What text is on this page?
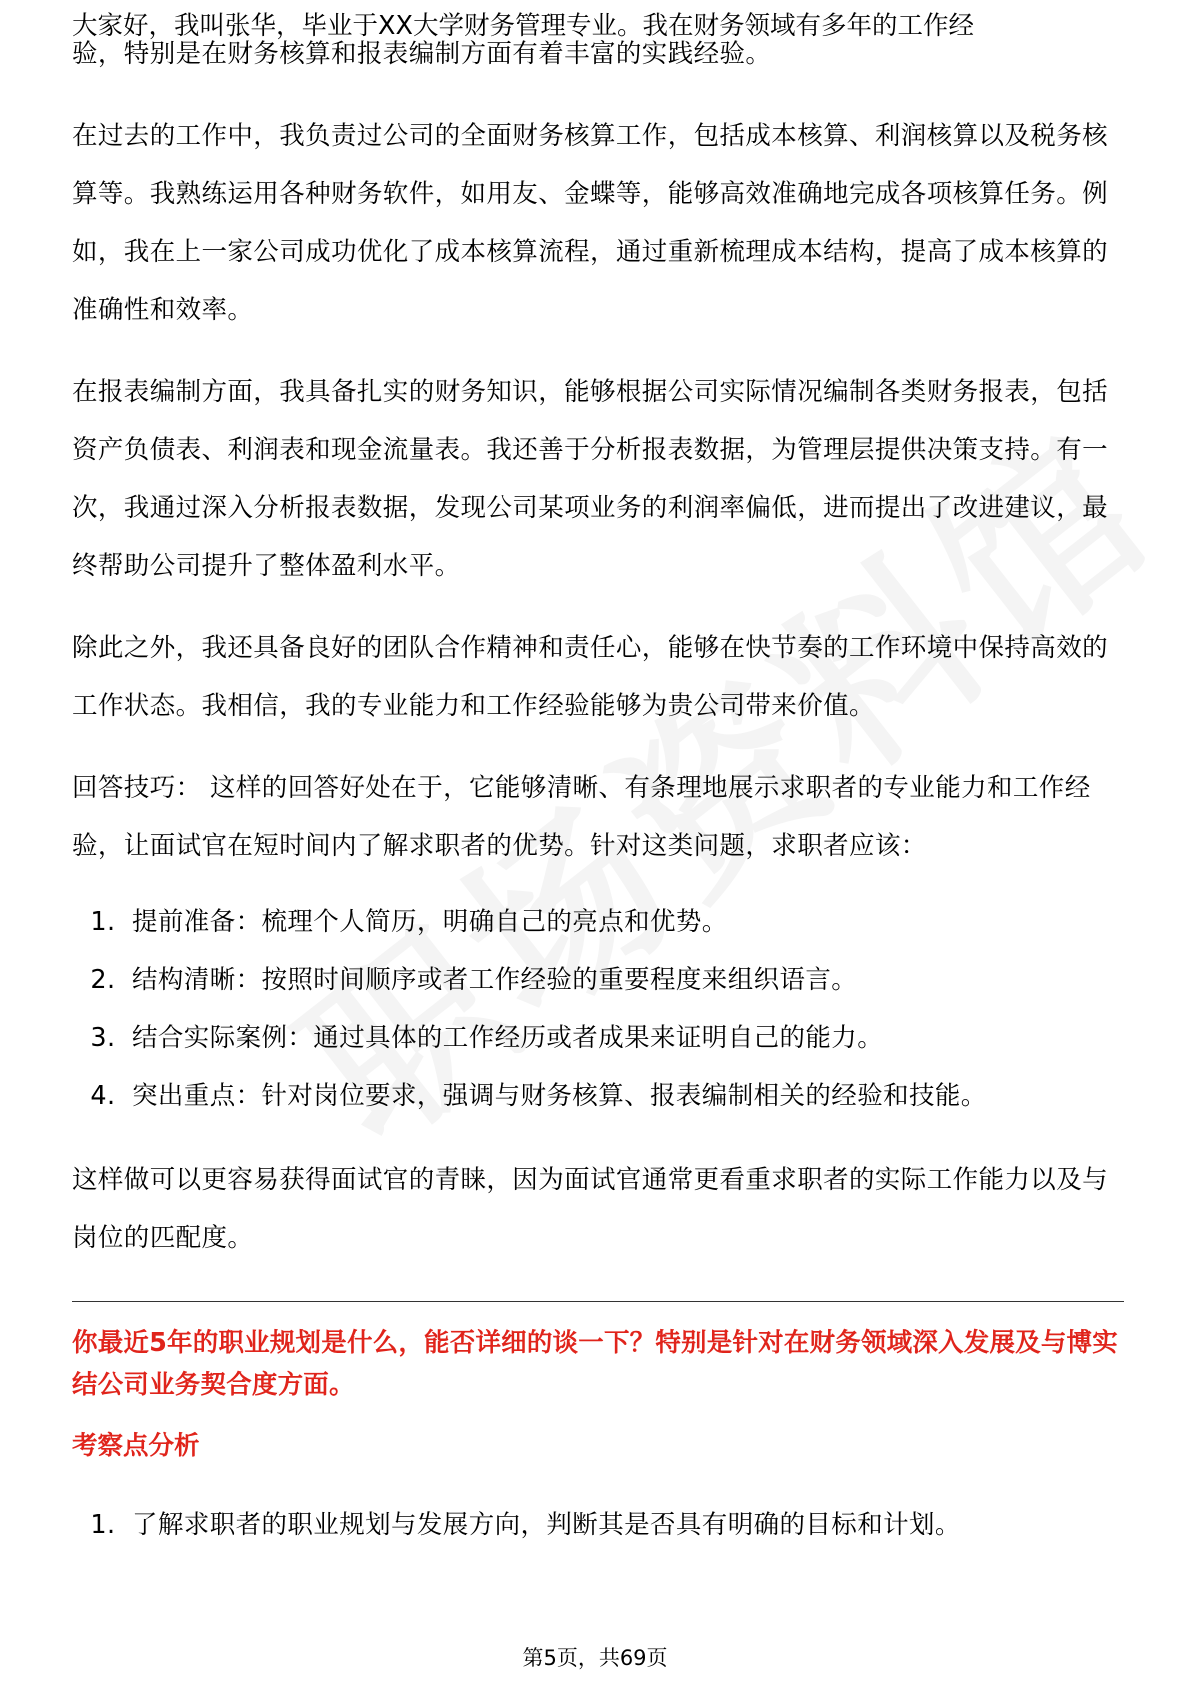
大家好，我叫张华，毕业于XX大学财务管理专业。我在财务领域有多年的工作经

验，特别是在财务核算和报表编制方面有着丰富的实践经验。

在过去的工作中，我负责过公司的全面财务核算工作，包括成本核算、利润核算以及税务核算等。我熟练运用各种财务软件，如用友、金蝶等，能够高效准确地完成各项核算任务。例如，我在上一家公司成功优化了成本核算流程，通过重新梳理成本结构，提高了成本核算的准确性和效率。

在报表编制方面，我具备扎实的财务知识，能够根据公司实际情况编制各类财务报表，包括资产负债表、利润表和现金流量表。我还善于分析报表数据，为管理层提供决策支持。有一次，我通过深入分析报表数据，发现公司某项业务的利润率偏低，进而提出了改进建议，最终帮助公司提升了整体盈利水平。

除此之外，我还具备良好的团队合作精神和责任心，能够在快节奏的工作环境中保持高效的工作状态。我相信，我的专业能力和工作经验能够为贵公司带来价值。

回答技巧： 这样的回答好处在于，它能够清晰、有条理地展示求职者的专业能力和工作经验，让面试官在短时间内了解求职者的优势。针对这类问题，求职者应该：

1. 提前准备：梳理个人简历，明确自己的亮点和优势。
2. 结构清晰：按照时间顺序或者工作经验的重要程度来组织语言。
3. 结合实际案例：通过具体的工作经历或者成果来证明自己的能力。
4. 突出重点：针对岗位要求，强调与财务核算、报表编制相关的经验和技能。

这样做可以更容易获得面试官的青睐，因为面试官通常更看重求职者的实际工作能力以及与岗位的匹配度。

你最近5年的职业规划是什么，能否详细的谈一下？特别是针对在财务领域深入发展及与博实结公司业务契合度方面。

考察点分析

1. 了解求职者的职业规划与发展方向，判断其是否具有明确的目标和计划。
第5页，共69页
